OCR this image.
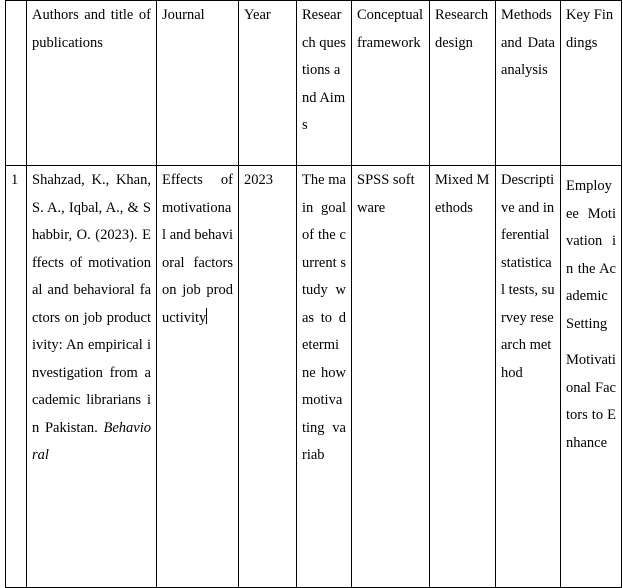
	Authors and title of publications	Journal	Year	Research questions and Aims	Conceptual framework	Research design	Methods and Data analysis	Key Findings
1	Shahzad, K., Khan, S. A., Iqbal, A., & Shabbir, O. (2023). Effects of motivational and behavioral factors on job productivity: An empirical investigation from academic librarians in Pakistan. Behavioral	Effects of motivational and behavioral factors on job productivity	2023	The main goal of the current study was to determine how motivating variab	SPSS software	Mixed Methods	Descriptive and inferential statistical tests, survey research method	Employee Motivation in the Academic Setting
Motivational Factors to Enhance
